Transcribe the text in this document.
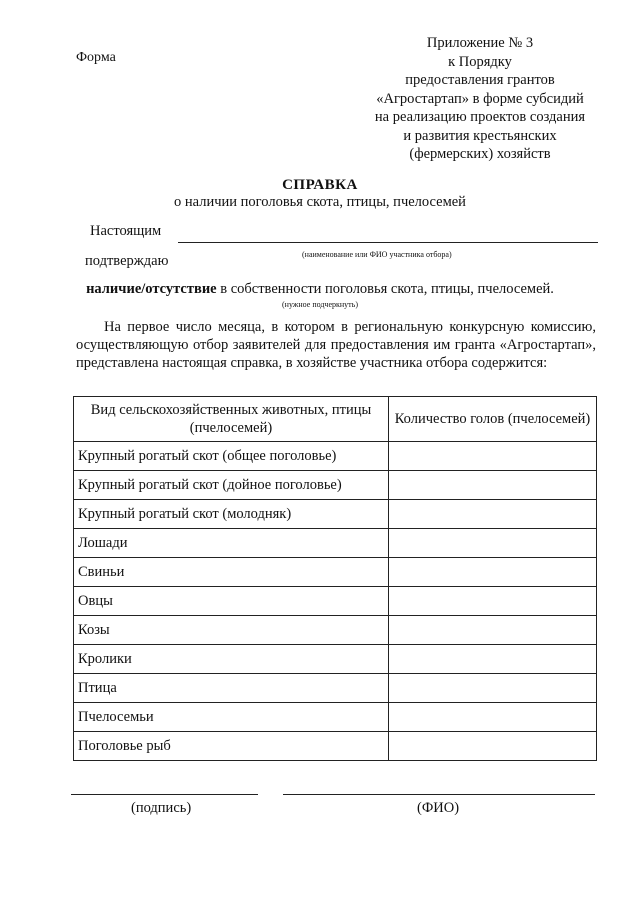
Форма
Приложение № 3
к Порядку
предоставления грантов
«Агростартап» в форме субсидий
на реализацию проектов создания
и развития крестьянских
(фермерских) хозяйств
СПРАВКА
о наличии поголовья скота, птицы, пчелосемей
Настоящим
(наименование или ФИО участника отбора)
подтверждаю
наличие/отсутствие в собственности поголовья скота, птицы, пчелосемей.
(нужное подчеркнуть)
На первое число месяца, в котором в региональную конкурсную комиссию, осуществляющую отбор заявителей для предоставления им гранта «Агростартап», представлена настоящая справка, в хозяйстве участника отбора содержится:
Вид сельскохозяйственных животных, птицы (пчелосемей)	Количество голов (пчелосемей)
Крупный рогатый скот (общее поголовье)	
Крупный рогатый скот (дойное поголовье)	
Крупный рогатый скот (молодняк)	
Лошади	
Свиньи	
Овцы	
Козы	
Кролики	
Птица	
Пчелосемьи	
Поголовье рыб	
(подпись)	(ФИО)
